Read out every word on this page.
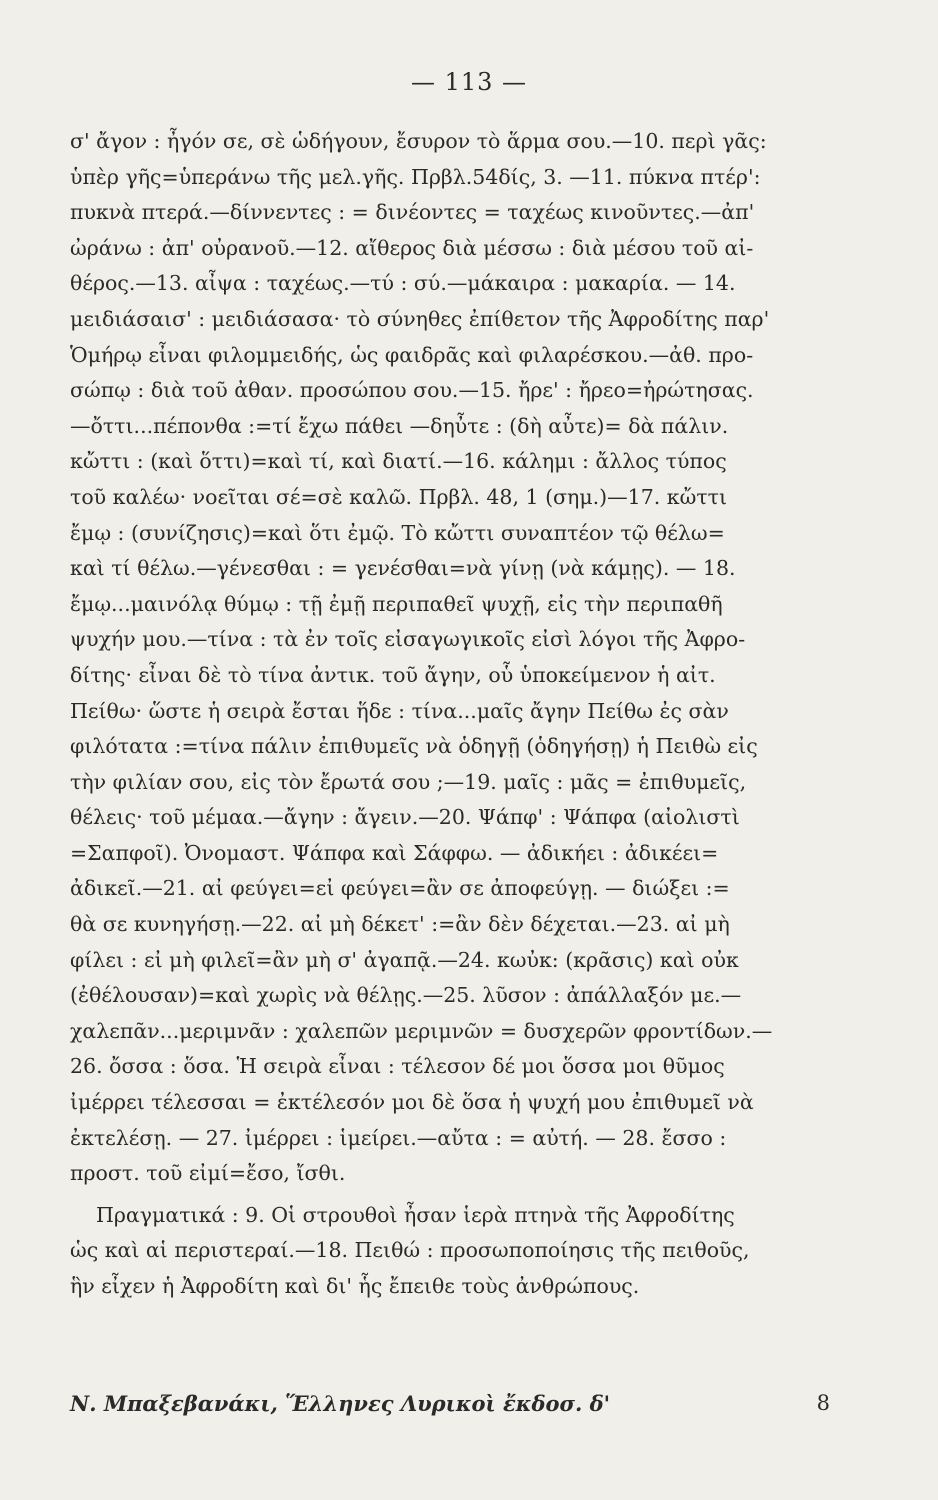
— 113 —
σ' ἄγον : ἦγόν σε, σὲ ὡδήγουν, ἔσυρον τὸ ἅρμα σου.—10. περὶ γᾶς:
ὑπὲρ γῆς=ὑπεράνω τῆς μελ.γῆς. Πρβλ.54δίς, 3. —11. πύκνα πτέρ':
πυκνὰ πτερά.—δίννεντες : = δινέοντες = ταχέως κινοῦντες.—ἀπ'
ὠράνω : ἀπ' οὐρανοῦ.—12. αἴθερος διὰ μέσσω : διὰ μέσου τοῦ αἰ-
θέρος.—13. αἶψα : ταχέως.—τύ : σύ.—μάκαιρα : μακαρία. — 14.
μειδιάσαισ' : μειδιάσασα· τὸ σύνηθες ἐπίθετον τῆς Ἀφροδίτης παρ'
Ὁμήρῳ εἶναι φιλομμειδής, ὡς φαιδρᾶς καὶ φιλαρέσκου.—ἀθ. προ-
σώπῳ : διὰ τοῦ ἀθαν. προσώπου σου.—15. ἤρε' : ἤρεο=ἠρώτησας.
—ὄττι...πέπονθα :=τί ἔχω πάθει —δηὖτε : (δὴ αὖτε)= δὰ πάλιν.
κὤττι : (καὶ ὅττι)=καὶ τί, καὶ διατί.—16. κάλημι : ἄλλος τύπος
τοῦ καλέω· νοεῖται σέ=σὲ καλῶ. Πρβλ. 48, 1 (σημ.)—17. κὤττι
ἔμῳ : (συνίζησις)=καὶ ὅτι ἐμῷ. Τὸ κὤττι συναπτέον τῷ θέλω=
καὶ τί θέλω.—γένεσθαι : = γενέσθαι=νὰ γίνῃ (νὰ κάμῃς). — 18.
ἔμῳ...μαινόλᾳ θύμῳ : τῇ ἐμῇ περιπαθεῖ ψυχῇ, εἰς τὴν περιπαθῆ
ψυχήν μου.—τίνα : τὰ ἐν τοῖς εἰσαγωγικοῖς εἰσὶ λόγοι τῆς Ἀφρο-
δίτης· εἶναι δὲ τὸ τίνα ἀντικ. τοῦ ἄγην, οὗ ὑποκείμενον ἡ αἰτ.
Πείθω· ὥστε ἡ σειρὰ ἔσται ἥδε : τίνα...μαῖς ἄγην Πείθω ἐς σὰν
φιλότατα :=τίνα πάλιν ἐπιθυμεῖς νὰ ὁδηγῇ (ὁδηγήσῃ) ἡ Πειθὼ εἰς
τὴν φιλίαν σου, εἰς τὸν ἔρωτά σου ;—19. μαῖς : μᾶς = ἐπιθυμεῖς,
θέλεις· τοῦ μέμαα.—ἄγην : ἄγειν.—20. Ψάπφ' : Ψάπφα (αἰολιστὶ
=Σαπφοῖ). Ὀνομαστ. Ψάπφα καὶ Σάφφω. — ἀδικήει : ἀδικέει=
ἀδικεῖ.—21. αἰ φεύγει=εἰ φεύγει=ἂν σε ἀποφεύγῃ. — διώξει :=
θὰ σε κυνηγήσῃ.—22. αἰ μὴ δέκετ' :=ἂν δὲν δέχεται.—23. αἰ μὴ
φίλει : εἰ μὴ φιλεῖ=ἂν μὴ σ' ἀγαπᾷ.—24. κωὐκ: (κρᾶσις) καὶ οὐκ
(ἐθέλουσαν)=καὶ χωρὶς νὰ θέλῃς.—25. λῦσον : ἀπάλλαξόν με.—
χαλεπᾶν...μεριμνᾶν : χαλεπῶν μεριμνῶν = δυσχερῶν φροντίδων.—
26. ὄσσα : ὅσα. Ἡ σειρὰ εἶναι : τέλεσον δέ μοι ὅσσα μοι θῦμος
ἰμέρρει τέλεσσαι = ἐκτέλεσόν μοι δὲ ὅσα ἡ ψυχή μου ἐπιθυμεῖ νὰ
ἐκτελέσῃ. — 27. ἰμέρρει : ἱμείρει.—αὔτα : = αὐτή. — 28. ἔσσο :
προστ. τοῦ εἰμί=ἔσο, ἴσθι.
Πραγματικά : 9. Οἱ στρουθοὶ ἦσαν ἱερὰ πτηνὰ τῆς Ἀφροδίτης
ὡς καὶ αἱ περιστεραί.—18. Πειθώ : προσωποποίησις τῆς πειθοῦς,
ἣν εἶχεν ἡ Ἀφροδίτη καὶ δι' ἧς ἔπειθε τοὺς ἀνθρώπους.
Ν. Μπαξεβανάκι, Ἕλληνες Λυρικοὶ ἔκδοσ. δ'	8
